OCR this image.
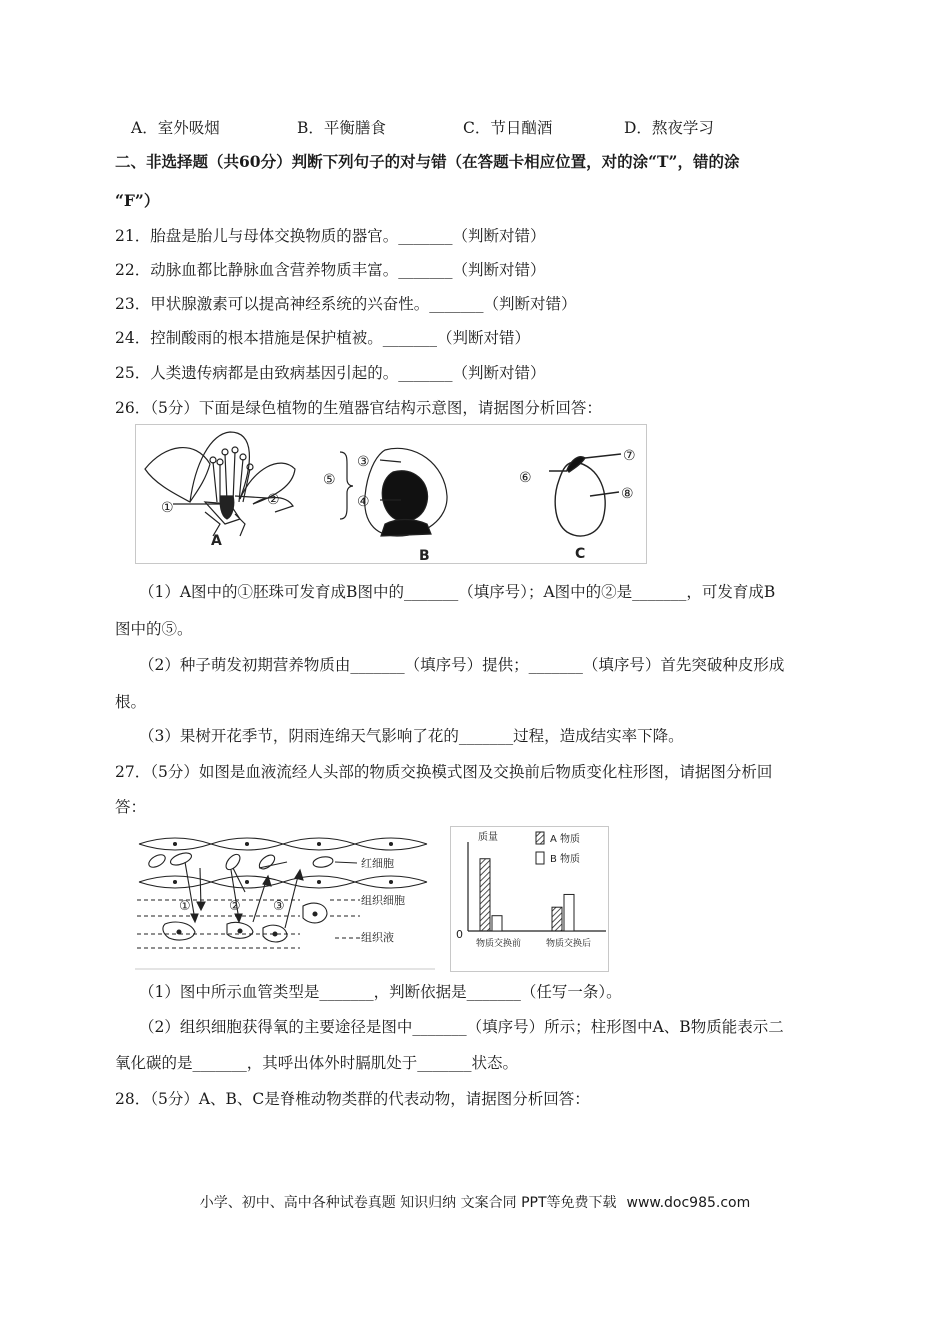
A．室外吸烟	B．平衡膳食	C．节日酗酒	D．熬夜学习
二、非选择题（共60分）判断下列句子的对与错（在答题卡相应位置，对的涂“T”，错的涂
“F”）
21．胎盘是胎儿与母体交换物质的器官。_______（判断对错）
22．动脉血都比静脉血含营养物质丰富。_______（判断对错）
23．甲状腺激素可以提高神经系统的兴奋性。_______（判断对错）
24．控制酸雨的根本措施是保护植被。_______（判断对错）
25．人类遗传病都是由致病基因引起的。_______（判断对错）
26．（5分）下面是绿色植物的生殖器官结构示意图，请据图分析回答：
①	②
A
③
④
⑤
B
⑥
⑦
⑧
C
（1）A图中的①胚珠可发育成B图中的_______（填序号）；A图中的②是_______，可发育成B
图中的⑤。
（2）种子萌发初期营养物质由_______（填序号）提供；_______（填序号）首先突破种皮形成
根。
（3）果树开花季节，阴雨连绵天气影响了花的_______过程，造成结实率下降。
27．（5分）如图是血液流经人头部的物质交换模式图及交换前后物质变化柱形图，请据图分析回
答：
①	② ③
红细胞
组织细胞
组织液	0
质量	A 物质
B 物质
物质交换前	物质交换后
（1）图中所示血管类型是_______，判断依据是_______（任写一条）。
（2）组织细胞获得氧的主要途径是图中_______（填序号）所示；柱形图中A、B物质能表示二
氧化碳的是_______，其呼出体外时膈肌处于_______状态。
28．（5分）A、B、C是脊椎动物类群的代表动物，请据图分析回答：
小学、初中、高中各种试卷真题 知识归纳 文案合同 PPT等免费下载 www.doc985.com
